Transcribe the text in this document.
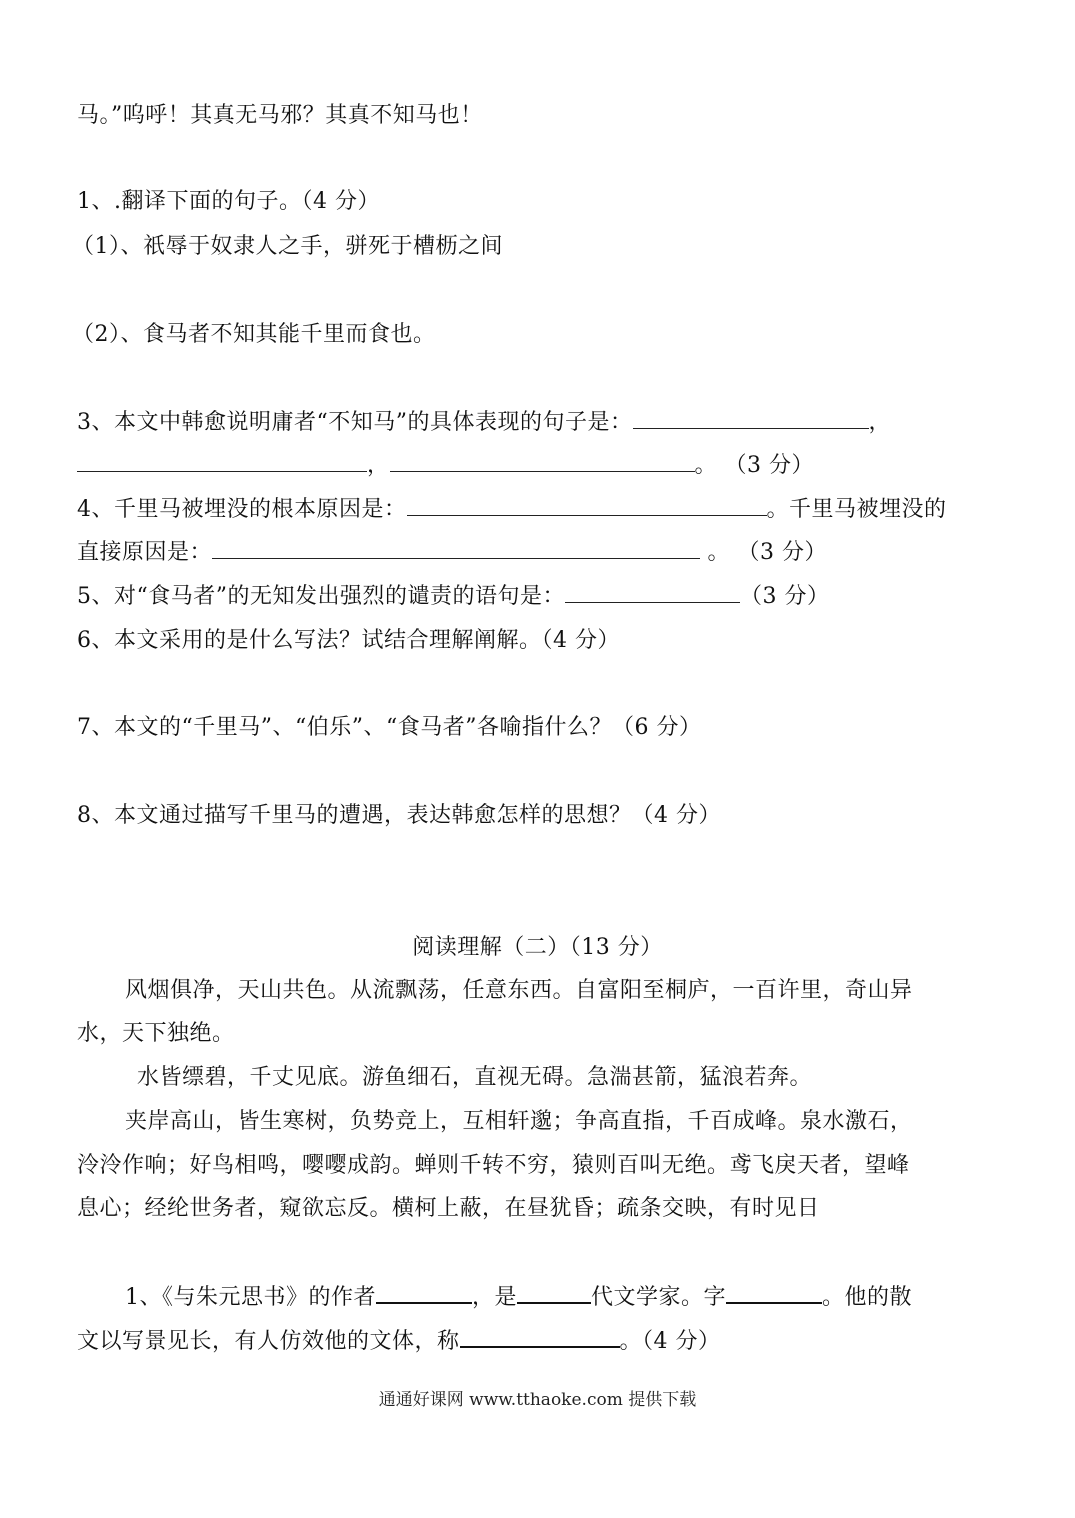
马。”呜呼！其真无马邪？其真不知马也！
1、.翻译下面的句子。（4 分）
（1）、祇辱于奴隶人之手，骈死于槽枥之间
（2）、食马者不知其能千里而食也。
3、本文中韩愈说明庸者“不知马”的具体表现的句子是：	，
，	。 （3 分）
4、千里马被埋没的根本原因是：	。千里马被埋没的
直接原因是：	。 （3 分）
5、对“食马者”的无知发出强烈的谴责的语句是：	（3 分）
6、本文采用的是什么写法？试结合理解阐解。（4 分）
7、本文的“千里马”、“伯乐”、“食马者”各喻指什么？（6 分）
8、本文通过描写千里马的遭遇，表达韩愈怎样的思想？（4 分）
阅读理解（二）（13 分）
风烟俱净，天山共色。从流飘荡，任意东西。自富阳至桐庐，一百许里，奇山异
水，天下独绝。
水皆缥碧，千丈见底。游鱼细石，直视无碍。急湍甚箭，猛浪若奔。
夹岸高山，皆生寒树，负势竞上，互相轩邈；争高直指，千百成峰。泉水激石，
泠泠作响；好鸟相鸣，嘤嘤成韵。蝉则千转不穷，猿则百叫无绝。鸢飞戾天者，望峰
息心；经纶世务者，窥欲忘反。横柯上蔽，在昼犹昏；疏条交映，有时见日
1、《与朱元思书》的作者	，是	代文学家。字	。他的散
文以写景见长，有人仿效他的文体，称	。（4 分）
通通好课网 www.tthaoke.com 提供下载
